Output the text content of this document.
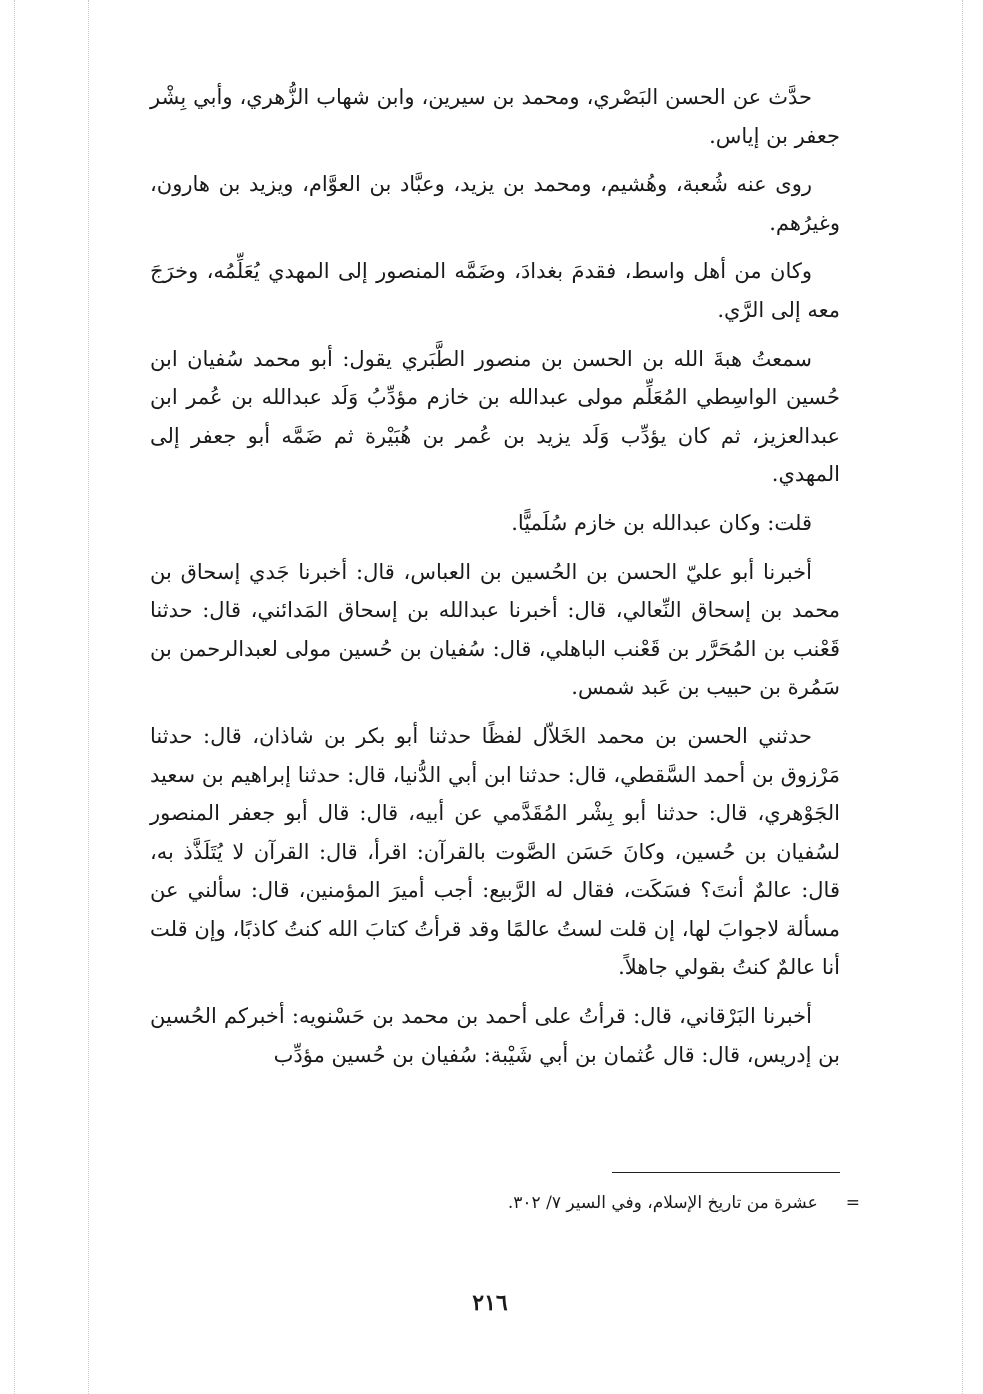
حدَّث عن الحسن البَصْري، ومحمد بن سيرين، وابن شهاب الزُّهري، وأبي بِشْر جعفر بن إياس.

روى عنه شُعبة، وهُشيم، ومحمد بن يزيد، وعبَّاد بن العوَّام، ويزيد بن هارون، وغيرُهم.

وكان من أهل واسط، فقدمَ بغدادَ، وضَمَّه المنصور إلى المهدي يُعَلِّمُه، وخرَجَ معه إلى الرَّي.

سمعتُ هبةَ الله بن الحسن بن منصور الطَّبَري يقول: أبو محمد سُفيان ابن حُسين الواسِطي المُعَلِّم مولى عبدالله بن خازم مؤدِّبُ وَلَد عبدالله بن عُمر ابن عبدالعزيز، ثم كان يؤدِّب وَلَد يزيد بن عُمر بن هُبَيْرة ثم ضَمَّه أبو جعفر إلى المهدي.

قلت: وكان عبدالله بن خازم سُلَميًّا.

أخبرنا أبو عليّ الحسن بن الحُسين بن العباس، قال: أخبرنا جَدي إسحاق بن محمد بن إسحاق النِّعالي، قال: أخبرنا عبدالله بن إسحاق المَدائني، قال: حدثنا قَعْنب بن المُحَرَّر بن قَعْنب الباهلي، قال: سُفيان بن حُسين مولى لعبدالرحمن بن سَمُرة بن حبيب بن عَبد شمس.

حدثني الحسن بن محمد الخَلاّل لفظًا حدثنا أبو بكر بن شاذان، قال: حدثنا مَرْزوق بن أحمد السَّقطي، قال: حدثنا ابن أبي الدُّنيا، قال: حدثنا إبراهيم بن سعيد الجَوْهري، قال: حدثنا أبو بِشْر المُقَدَّمي عن أبيه، قال: قال أبو جعفر المنصور لسُفيان بن حُسين، وكانَ حَسَن الصَّوت بالقرآن: اقرأ، قال: القرآن لا يُتَلَذَّذ به، قال: عالمٌ أنتَ؟ فسَكَت، فقال له الرَّبيع: أجب أميرَ المؤمنين، قال: سألني عن مسألة لاجوابَ لها، إن قلت لستُ عالمًا وقد قرأتُ كتابَ الله كنتُ كاذبًا، وإن قلت أنا عالمٌ كنتُ بقولي جاهلاً.

أخبرنا البَرْقاني، قال: قرأتُ على أحمد بن محمد بن حَسْنويه: أخبركم الحُسين بن إدريس، قال: قال عُثمان بن أبي شَيْبة: سُفيان بن حُسين مؤدِّب

=عشرة من تاريخ الإسلام، وفي السير ٧/ ٣٠٢.
٢١٦
